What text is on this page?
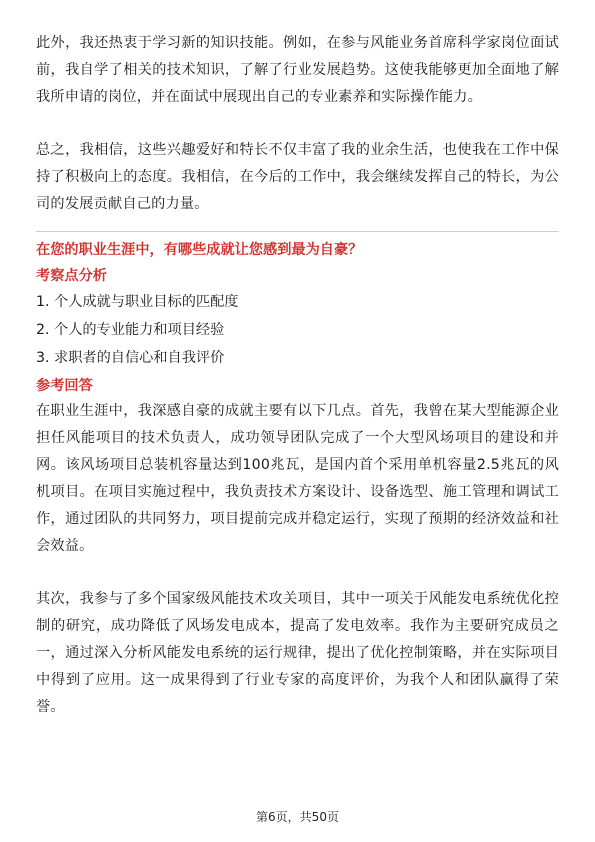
此外，我还热衷于学习新的知识技能。例如，在参与风能业务首席科学家岗位面试前，我自学了相关的技术知识，了解了行业发展趋势。这使我能够更加全面地了解我所申请的岗位，并在面试中展现出自己的专业素养和实际操作能力。

总之，我相信，这些兴趣爱好和特长不仅丰富了我的业余生活，也使我在工作中保持了积极向上的态度。我相信，在今后的工作中，我会继续发挥自己的特长，为公司的发展贡献自己的力量。

在您的职业生涯中，有哪些成就让您感到最为自豪？

考察点分析

1. 个人成就与职业目标的匹配度

2. 个人的专业能力和项目经验

3. 求职者的自信心和自我评价

参考回答

在职业生涯中，我深感自豪的成就主要有以下几点。首先，我曾在某大型能源企业担任风能项目的技术负责人，成功领导团队完成了一个大型风场项目的建设和并网。该风场项目总装机容量达到100兆瓦，是国内首个采用单机容量2.5兆瓦的风机项目。在项目实施过程中，我负责技术方案设计、设备选型、施工管理和调试工作，通过团队的共同努力，项目提前完成并稳定运行，实现了预期的经济效益和社会效益。

其次，我参与了多个国家级风能技术攻关项目，其中一项关于风能发电系统优化控制的研究，成功降低了风场发电成本，提高了发电效率。我作为主要研究成员之一，通过深入分析风能发电系统的运行规律，提出了优化控制策略，并在实际项目中得到了应用。这一成果得到了行业专家的高度评价，为我个人和团队赢得了荣誉。

第6页，共50页
